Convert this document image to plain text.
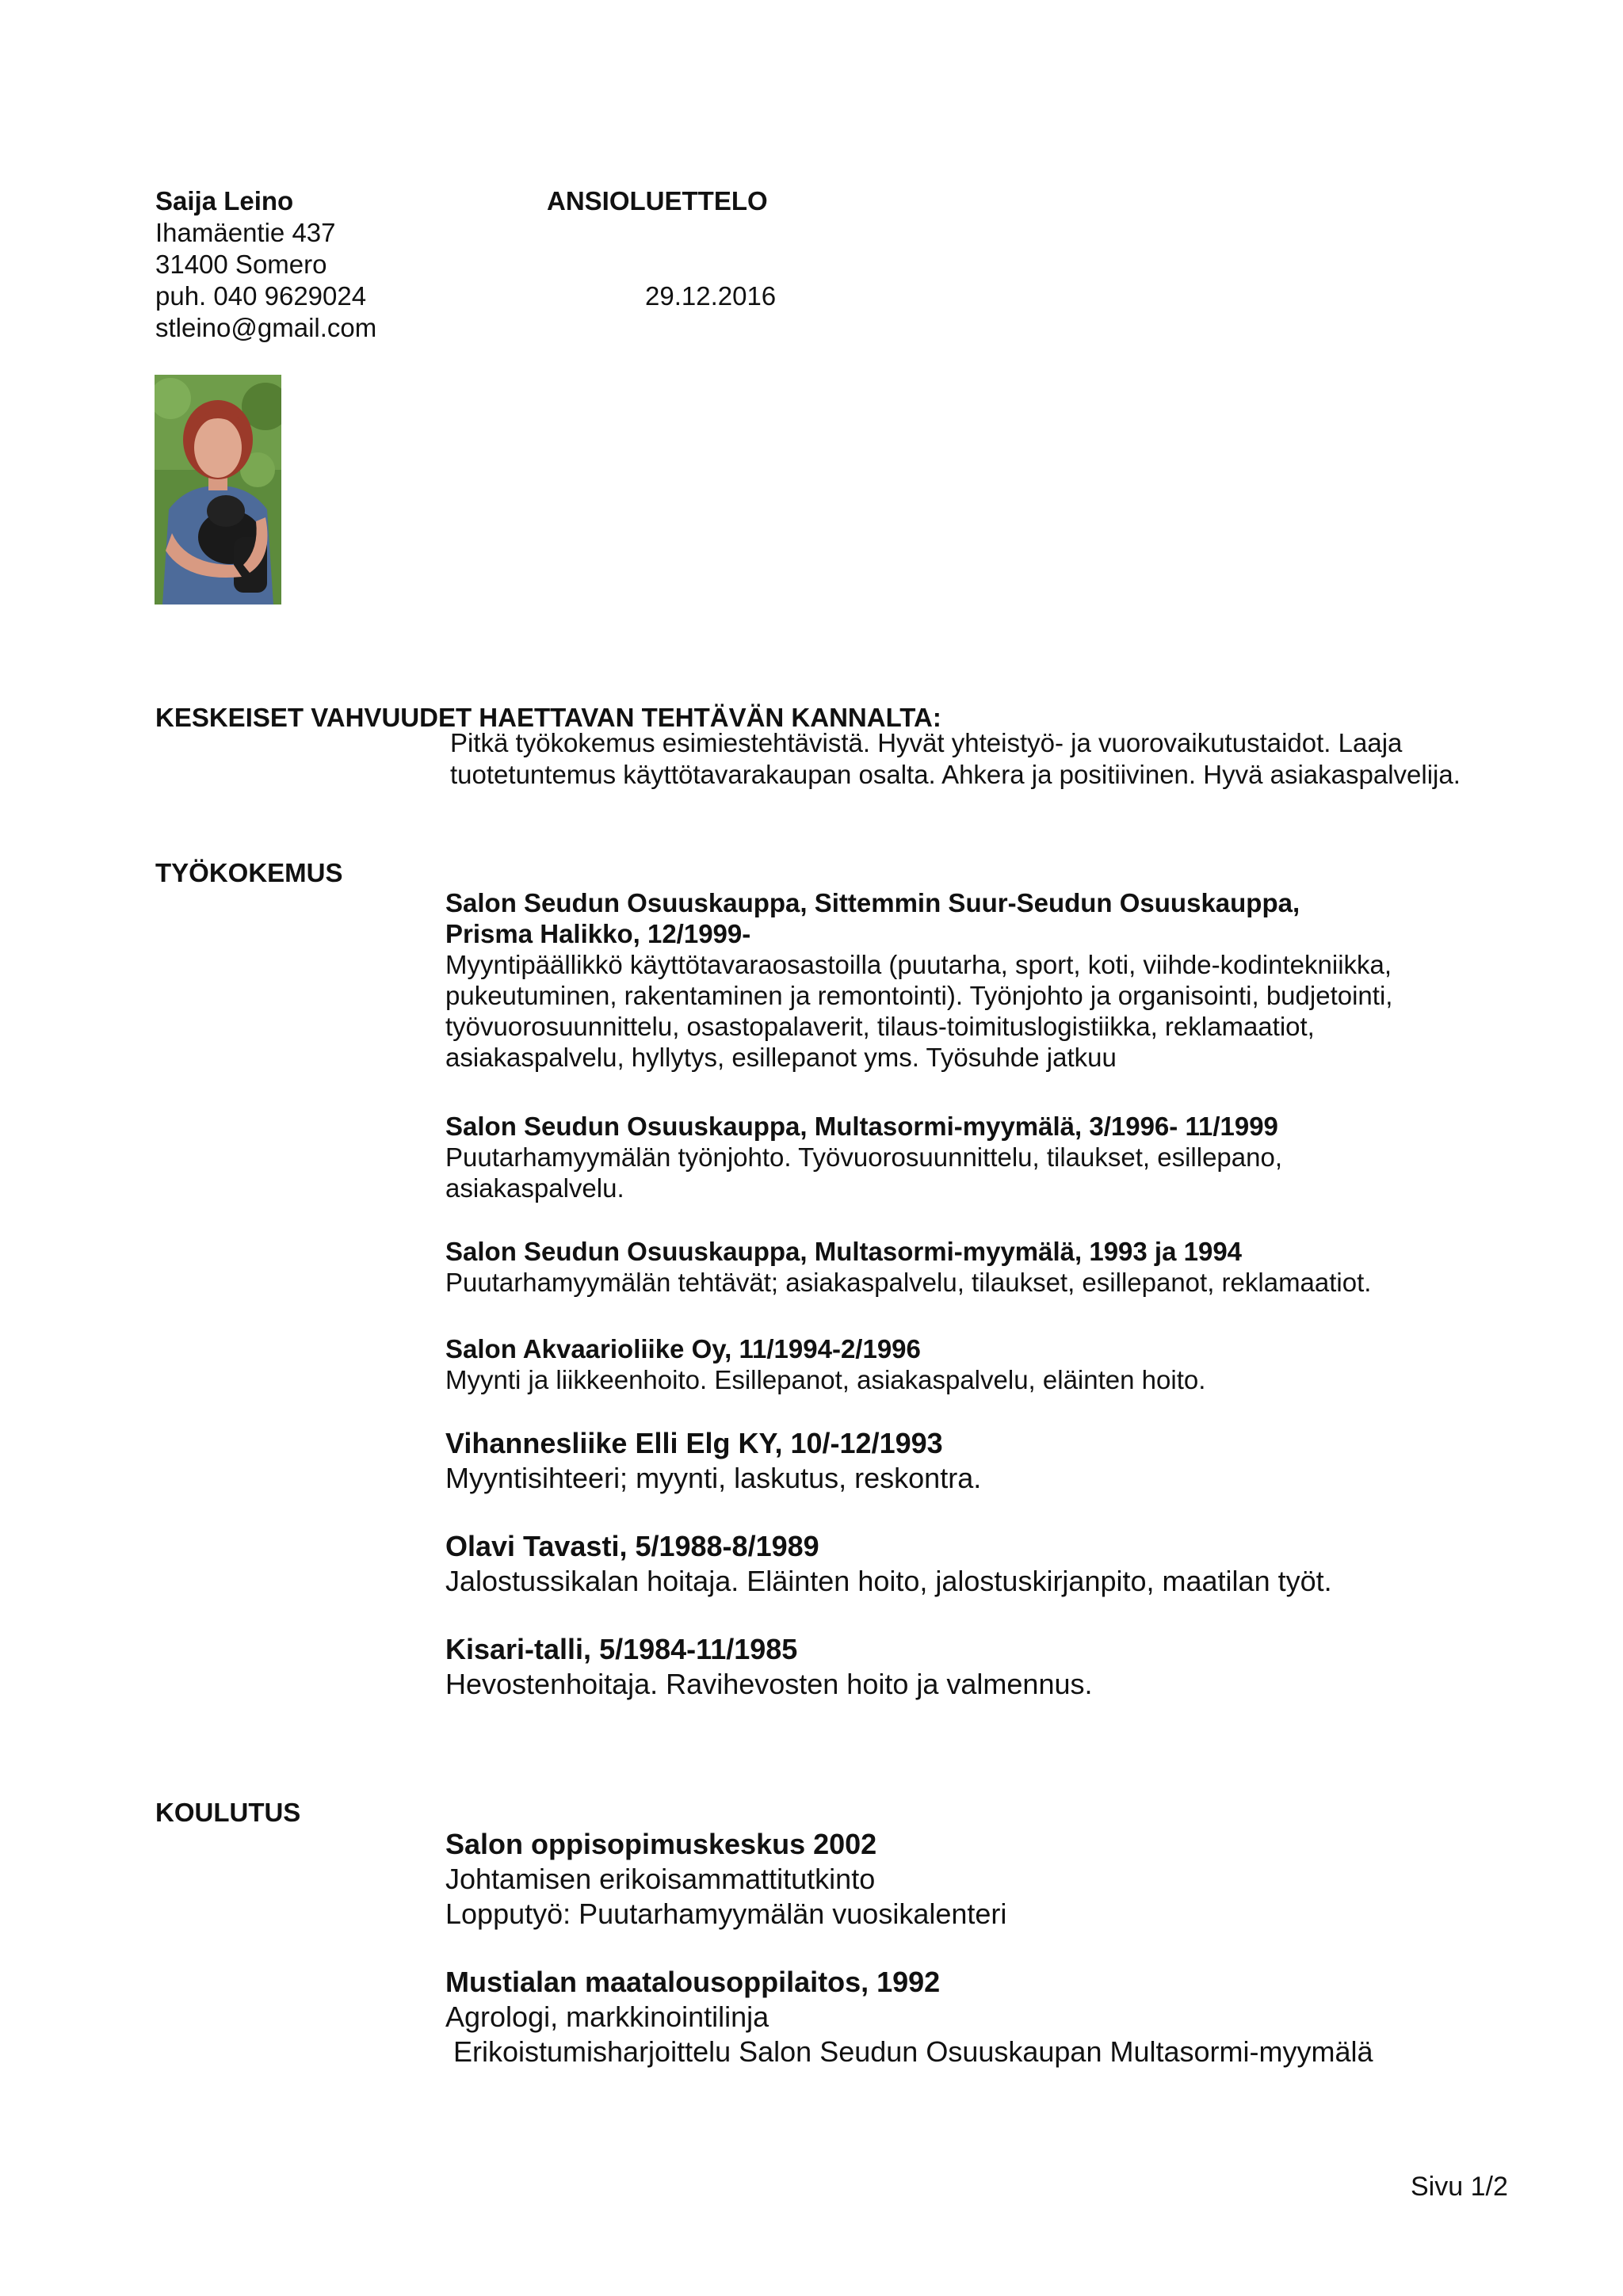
Saija Leino	ANSIOLUETTELO
Ihamäentie 437
31400 Somero
puh. 040 9629024
stleino@gmail.com
29.12.2016
KESKEISET VAHVUUDET HAETTAVAN TEHTÄVÄN KANNALTA:
Pitkä työkokemus esimiestehtävistä. Hyvät yhteistyö- ja vuorovaikutustaidot. Laaja
tuotetuntemus käyttötavarakaupan osalta. Ahkera ja positiivinen. Hyvä asiakaspalvelija.
TYÖKOKEMUS
Salon Seudun Osuuskauppa, Sittemmin Suur-Seudun Osuuskauppa,
Prisma Halikko, 12/1999-
Myyntipäällikkö käyttötavaraosastoilla (puutarha, sport, koti, viihde-kodintekniikka,
pukeutuminen, rakentaminen ja remontointi). Työnjohto ja organisointi, budjetointi,
työvuorosuunnittelu, osastopalaverit, tilaus-toimituslogistiikka, reklamaatiot,
asiakaspalvelu, hyllytys, esillepanot yms. Työsuhde jatkuu
Salon Seudun Osuuskauppa, Multasormi-myymälä, 3/1996- 11/1999
Puutarhamyymälän työnjohto. Työvuorosuunnittelu, tilaukset, esillepano,
asiakaspalvelu.
Salon Seudun Osuuskauppa, Multasormi-myymälä, 1993 ja 1994
Puutarhamyymälän tehtävät; asiakaspalvelu, tilaukset, esillepanot, reklamaatiot.
Salon Akvaarioliike Oy, 11/1994-2/1996
Myynti ja liikkeenhoito. Esillepanot, asiakaspalvelu, eläinten hoito.
Vihannesliike Elli Elg KY, 10/-12/1993
Myyntisihteeri; myynti, laskutus, reskontra.
Olavi Tavasti, 5/1988-8/1989
Jalostussikalan hoitaja. Eläinten hoito, jalostuskirjanpito, maatilan työt.
Kisari-talli, 5/1984-11/1985
Hevostenhoitaja. Ravihevosten hoito ja valmennus.
KOULUTUS
Salon oppisopimuskeskus 2002
Johtamisen erikoisammattitutkinto
Lopputyö: Puutarhamyymälän vuosikalenteri
Mustialan maatalousoppilaitos, 1992
Agrologi, markkinointilinja
Erikoistumisharjoittelu Salon Seudun Osuuskaupan Multasormi-myymälä
Sivu 1/2
